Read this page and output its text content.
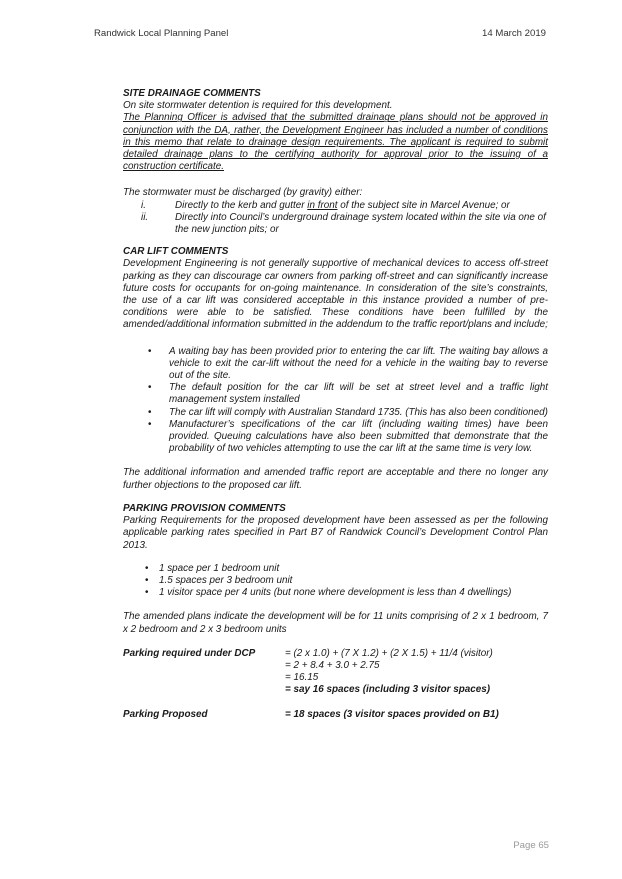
Randwick Local Planning Panel	14 March 2019

SITE DRAINAGE COMMENTS

On site stormwater detention is required for this development.

The Planning Officer is advised that the submitted drainage plans should not be approved in conjunction with the DA, rather, the Development Engineer has included a number of conditions in this memo that relate to drainage design requirements. The applicant is required to submit detailed drainage plans to the certifying authority for approval prior to the issuing of a construction certificate.

The stormwater must be discharged (by gravity) either:

i.	Directly to the kerb and gutter in front of the subject site in Marcel Avenue; or
ii.	Directly into Council’s underground drainage system located within the site via one of the new junction pits; or

CAR LIFT COMMENTS

Development Engineering is not generally supportive of mechanical devices to access off-street parking as they can discourage car owners from parking off-street and can significantly increase future costs for occupants for on-going maintenance. In consideration of the site’s constraints, the use of a car lift was considered acceptable in this instance provided a number of pre-conditions were able to be satisfied. These conditions have been fulfilled by the amended/additional information submitted in the addendum to the traffic report/plans and include;

•	A waiting bay has been provided prior to entering the car lift. The waiting bay allows a vehicle to exit the car-lift without the need for a vehicle in the waiting bay to reverse out of the site.
•	The default position for the car lift will be set at street level and a traffic light management system installed
•	The car lift will comply with Australian Standard 1735. (This has also been conditioned)
•	Manufacturer’s specifications of the car lift (including waiting times) have been provided. Queuing calculations have also been submitted that demonstrate that the probability of two vehicles attempting to use the car lift at the same time is very low.

The additional information and amended traffic report are acceptable and there no longer any further objections to the proposed car lift.

PARKING PROVISION COMMENTS

Parking Requirements for the proposed development have been assessed as per the following applicable parking rates specified in Part B7 of Randwick Council’s Development Control Plan 2013.

•	1 space per 1 bedroom unit
•	1.5 spaces per 3 bedroom unit
•	1 visitor space per 4 units (but none where development is less than 4 dwellings)

The amended plans indicate the development will be for 11 units comprising of 2 x 1 bedroom, 7 x 2 bedroom and 2 x 3 bedroom units

Parking required under DCP	= (2 x 1.0) + (7 X 1.2) + (2 X 1.5) + 11/4 (visitor)
= 2 + 8.4 + 3.0 + 2.75
= 16.15
= say 16 spaces (including 3 visitor spaces)
Parking Proposed	= 18 spaces (3 visitor spaces provided on B1)
Page 65
